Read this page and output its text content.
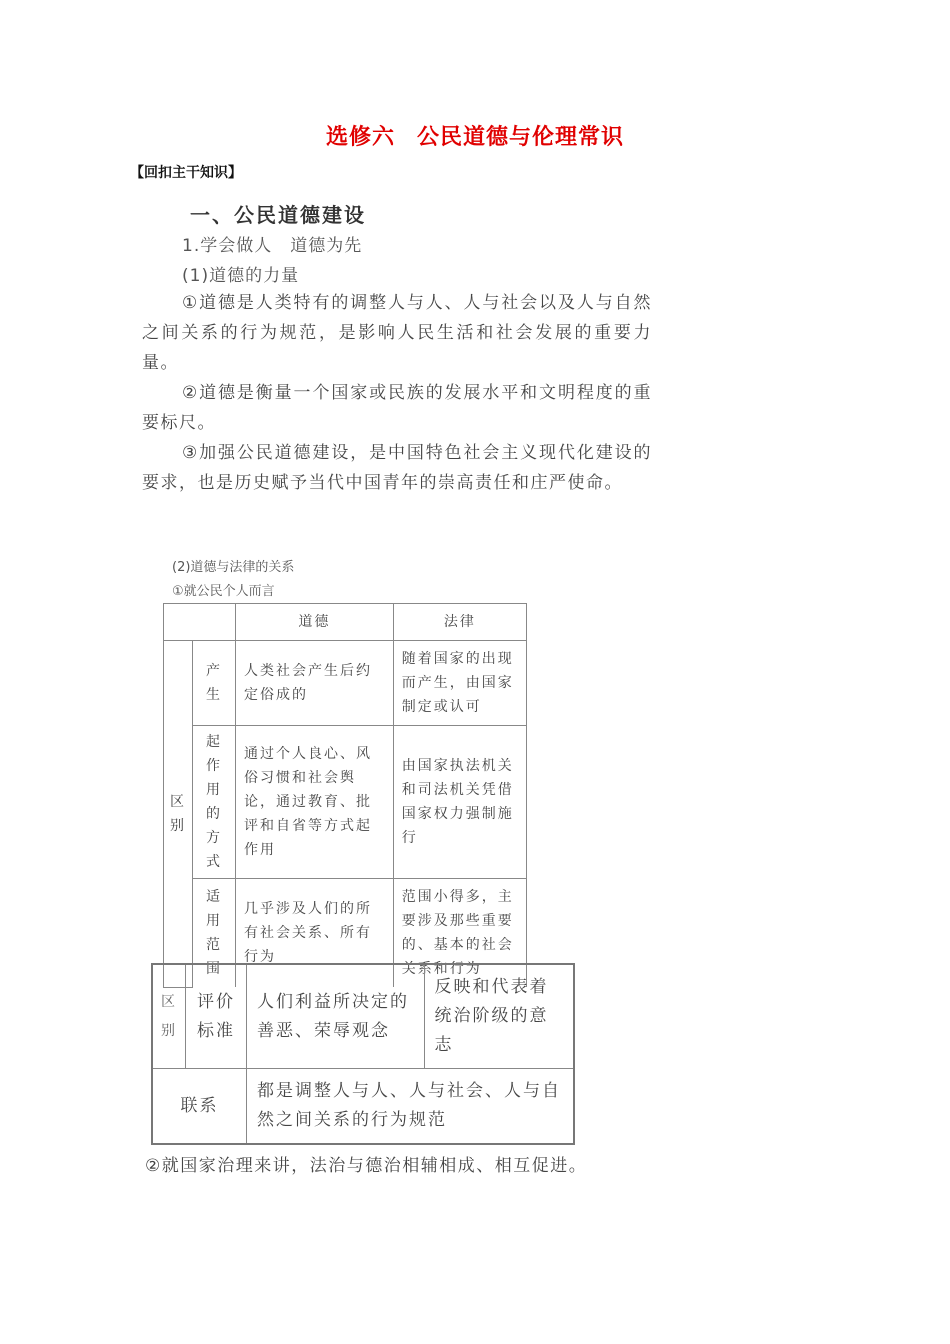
选修六 公民道德与伦理常识
【回扣主干知识】
一、公民道德建设
1.学会做人　道德为先
(1)道德的力量
①道德是人类特有的调整人与人、人与社会以及人与自然之间关系的行为规范，是影响人民生活和社会发展的重要力量。
②道德是衡量一个国家或民族的发展水平和文明程度的重要标尺。
③加强公民道德建设，是中国特色社会主义现代化建设的要求，也是历史赋予当代中国青年的崇高责任和庄严使命。
(2)道德与法律的关系
①就公民个人而言
		道德	法律
区别	产生	人类社会产生后约定俗成的	随着国家的出现而产生，由国家制定或认可
	起作用的方式	通过个人良心、风俗习惯和社会舆论，通过教育、批评和自省等方式起作用	由国家执法机关和司法机关凭借国家权力强制施行
	适用范围	几乎涉及人们的所有社会关系、所有行为	范围小得多，主要涉及那些重要的、基本的社会关系和行为
区别	评价标准	人们利益所决定的善恶、荣辱观念	反映和代表着统治阶级的意志
联系		都是调整人与人、人与社会、人与自然之间关系的行为规范	
②就国家治理来讲，法治与德治相辅相成、相互促进。
